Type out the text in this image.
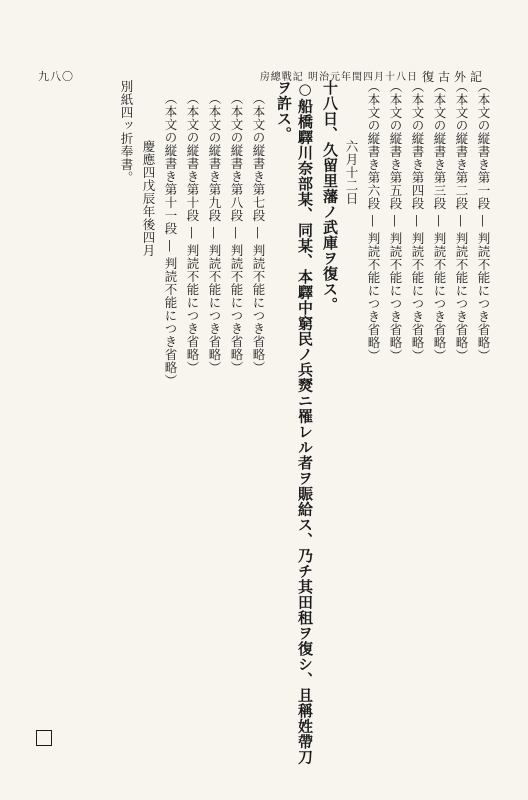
九八〇	房總戰記 明治元年閏四月十八日 復古外記
（本文の縦書き第一段 — 判読不能につき省略）
（本文の縦書き第二段 — 判読不能につき省略）
（本文の縦書き第三段 — 判読不能につき省略）
（本文の縦書き第四段 — 判読不能につき省略）
（本文の縦書き第五段 — 判読不能につき省略）
（本文の縦書き第六段 — 判読不能につき省略）
六月十二日
十八日、久留里藩ノ武庫ヲ復ス。
○船橋驛川奈部某、同某、本驛中窮民ノ兵燹ニ罹レル者ヲ賑給ス、乃チ其田租ヲ復シ、且稱姓帶刀ヲ許ス。
（本文の縦書き第七段 — 判読不能につき省略）
（本文の縦書き第八段 — 判読不能につき省略）
（本文の縦書き第九段 — 判読不能につき省略）
（本文の縦書き第十段 — 判読不能につき省略）
（本文の縦書き第十一段 — 判読不能につき省略）
慶應四戊辰年後四月
別紙四ッ折奉書。
